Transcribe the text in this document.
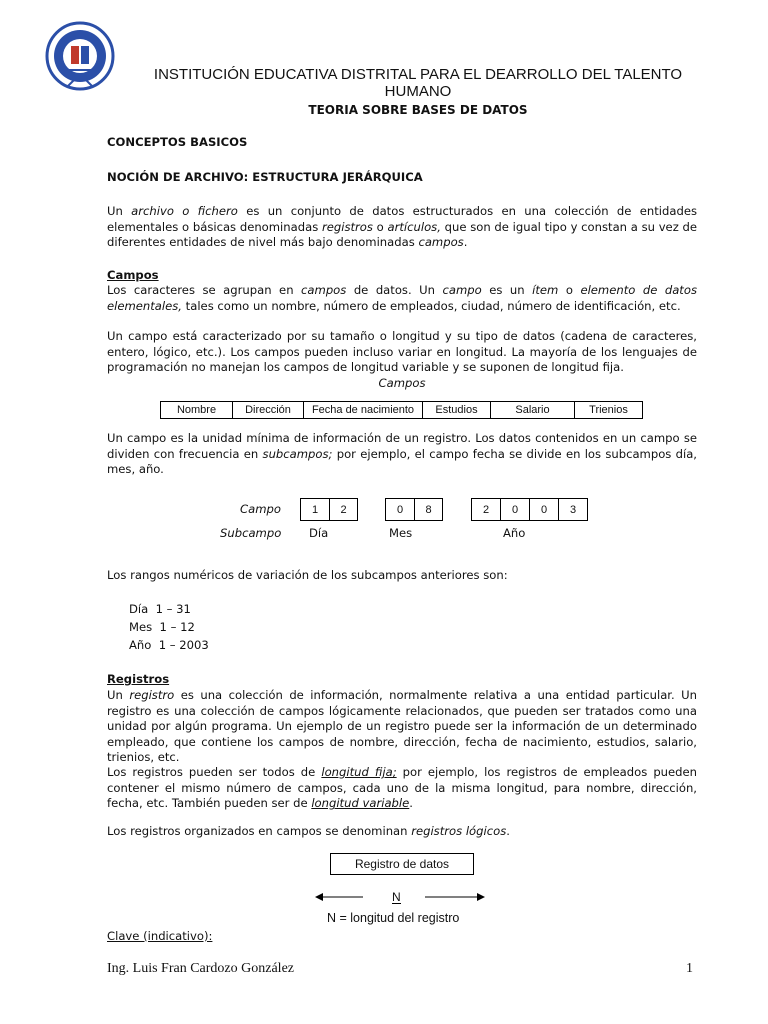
INSTITUCIÓN EDUCATIVA DISTRITAL PARA EL DEARROLLO DEL TALENTO
HUMANO
TEORIA SOBRE BASES DE DATOS
CONCEPTOS BASICOS
NOCIÓN DE ARCHIVO: ESTRUCTURA JERÁRQUICA

Un archivo o fichero es un conjunto de datos estructurados en una colección de entidades elementales o básicas denominadas registros o artículos, que son de igual tipo y constan a su vez de diferentes entidades de nivel más bajo denominadas campos.

Campos

Los caracteres se agrupan en campos de datos. Un campo es un ítem o elemento de datos elementales, tales como un nombre, número de empleados, ciudad, número de identificación, etc.

Un campo está caracterizado por su tamaño o longitud y su tipo de datos (cadena de caracteres, entero, lógico, etc.). Los campos pueden incluso variar en longitud. La mayoría de los lenguajes de programación no manejan los campos de longitud variable y se suponen de longitud fija.

Campos
Nombre	Dirección	Fecha de nacimiento	Estudios	Salario	Trienios

Un campo es la unidad mínima de información de un registro. Los datos contenidos en un campo se dividen con frecuencia en subcampos; por ejemplo, el campo fecha se divide en los subcampos día, mes, año.

Campo
Subcampo
1	2	0	8	2	0	0	3
Día	Mes	Año
Los rangos numéricos de variación de los subcampos anteriores son:
Día  1 – 31
Mes  1 – 12
Año  1 – 2003
Registros

Un registro es una colección de información, normalmente relativa a una entidad particular. Un registro es una colección de campos lógicamente relacionados, que pueden ser tratados como una unidad por algún programa. Un ejemplo de un registro puede ser la información de un determinado empleado, que contiene los campos de nombre, dirección, fecha de nacimiento, estudios, salario, trienios, etc.

Los registros pueden ser todos de longitud fija; por ejemplo, los registros de empleados pueden contener el mismo número de campos, cada uno de la misma longitud, para nombre, dirección, fecha, etc. También pueden ser de longitud variable.

Los registros organizados en campos se denominan registros lógicos.

Registro de datos
N
N = longitud del registro
Clave (indicativo):
Ing. Luis Fran Cardozo González	1
